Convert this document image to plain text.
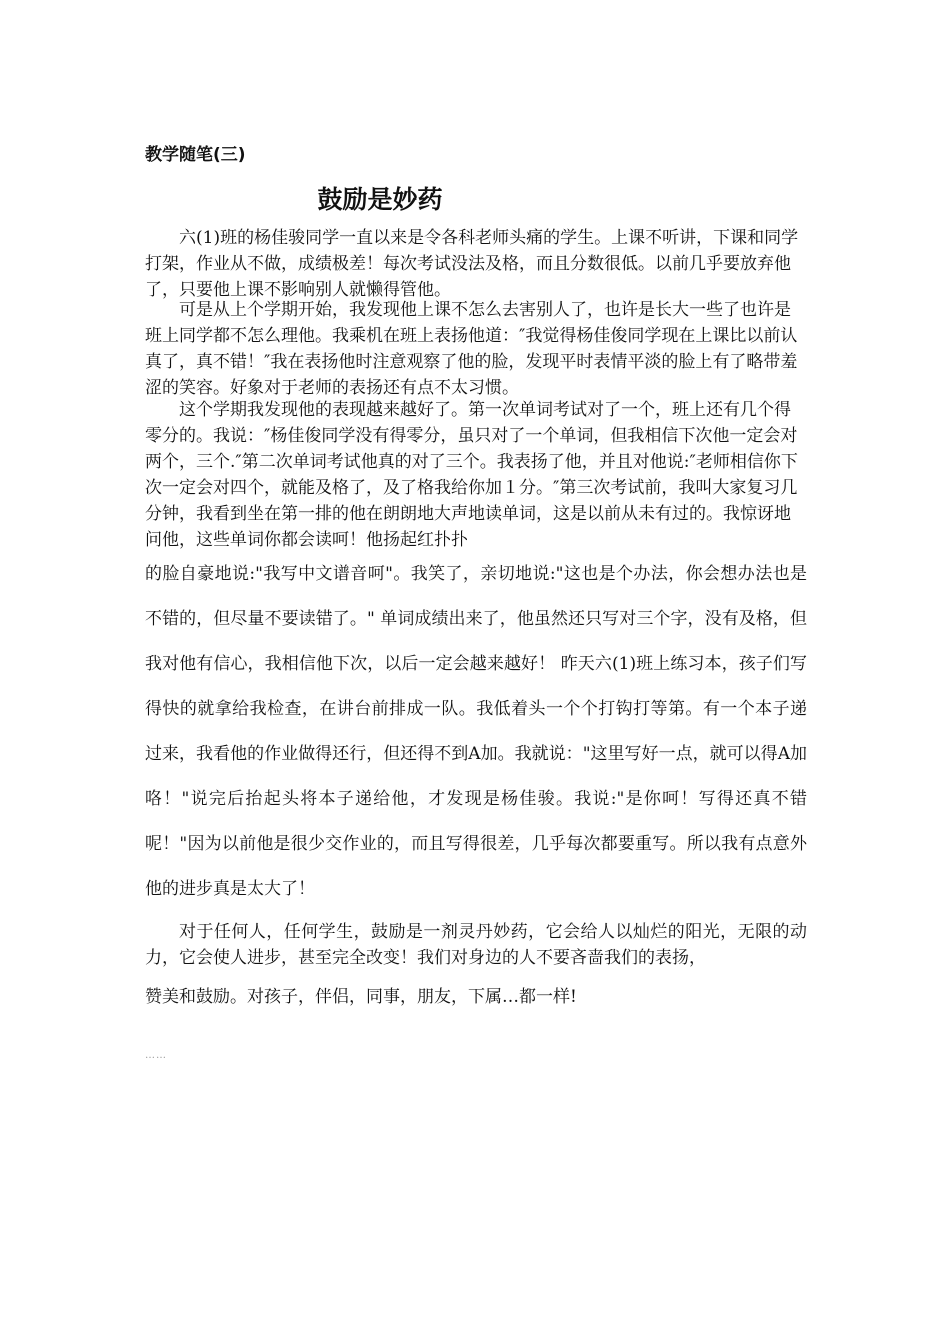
教学随笔(三)
鼓励是妙药

六(1)班的杨佳骏同学一直以来是令各科老师头痛的学生。上课不听讲，下课和同学打架，作业从不做，成绩极差！每次考试没法及格，而且分数很低。以前几乎要放弃他了，只要他上课不影响别人就懒得管他。

可是从上个学期开始，我发现他上课不怎么去害别人了，也许是长大一些了也许是班上同学都不怎么理他。我乘机在班上表扬他道：″我觉得杨佳俊同学现在上课比以前认真了，真不错！″我在表扬他时注意观察了他的脸，发现平时表情平淡的脸上有了略带羞涩的笑容。好象对于老师的表扬还有点不太习惯。

这个学期我发现他的表现越来越好了。第一次单词考试对了一个，班上还有几个得零分的。我说：″杨佳俊同学没有得零分，虽只对了一个单词，但我相信下次他一定会对两个，三个.″第二次单词考试他真的对了三个。我表扬了他，并且对他说:″老师相信你下次一定会对四个，就能及格了，及了格我给你加１分。″第三次考试前，我叫大家复习几分钟，我看到坐在第一排的他在朗朗地大声地读单词，这是以前从未有过的。我惊讶地问他，这些单词你都会读呵！他扬起红扑扑

的脸自豪地说:"我写中文谱音呵"。我笑了，亲切地说:"这也是个办法，你会想办法也是不错的，但尽量不要读错了。" 单词成绩出来了，他虽然还只写对三个字，没有及格，但我对他有信心，我相信他下次，以后一定会越来越好！ 昨天六(1)班上练习本，孩子们写得快的就拿给我检查，在讲台前排成一队。我低着头一个个打钩打等第。有一个本子递过来，我看他的作业做得还行，但还得不到A加。我就说："这里写好一点，就可以得A加咯！"说完后抬起头将本子递给他，才发现是杨佳骏。我说:"是你呵！写得还真不错呢！"因为以前他是很少交作业的，而且写得很差，几乎每次都要重写。所以我有点意外他的进步真是太大了！

对于任何人，任何学生，鼓励是一剂灵丹妙药，它会给人以灿烂的阳光，无限的动力，它会使人进步，甚至完全改变！我们对身边的人不要吝啬我们的表扬，

赞美和鼓励。对孩子，伴侣，同事，朋友，下属…都一样!

……
